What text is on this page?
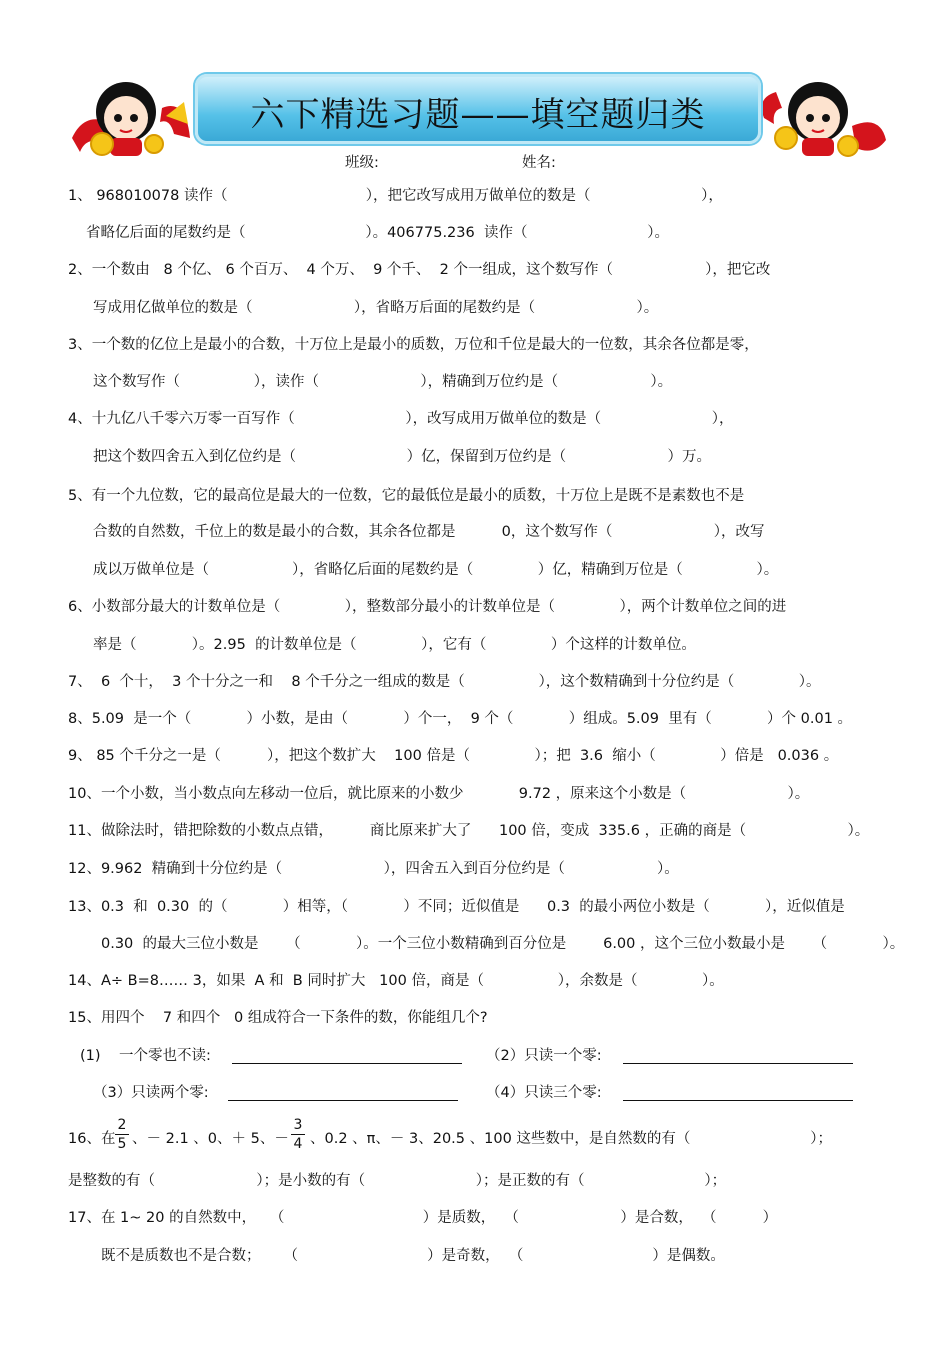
六下精选习题——填空题归类
班级:	姓名:
1、 968010078 读作（                              ），把它改写成用万做单位的数是（                        ），
省略亿后面的尾数约是（                          ）。406775.236  读作（                          ）。
2、一个数由   8 个亿、 6 个百万、  4 个万、  9 个千、  2 个一组成，这个数写作（                    ），把它改
写成用亿做单位的数是（                      ），省略万后面的尾数约是（                      ）。
3、一个数的亿位上是最小的合数，十万位上是最小的质数，万位和千位是最大的一位数，其余各位都是零，
这个数写作（                ），读作（                      ），精确到万位约是（                    ）。
4、十九亿八千零六万零一百写作（                        ），改写成用万做单位的数是（                        ），
把这个数四舍五入到亿位约是（                        ）亿，保留到万位约是（                      ）万。
5、有一个九位数，它的最高位是最大的一位数，它的最低位是最小的质数，十万位上是既不是素数也不是
合数的自然数，千位上的数是最小的合数，其余各位都是          0，这个数写作（                      ），改写
成以万做单位是（                  ），省略亿后面的尾数约是（              ）亿，精确到万位是（                ）。
6、小数部分最大的计数单位是（              ），整数部分最小的计数单位是（              ），两个计数单位之间的进
率是（            ）。2.95  的计数单位是（              ），它有（              ）个这样的计数单位。
7、  6  个十，  3 个十分之一和    8 个千分之一组成的数是（                ），这个数精确到十分位约是（              ）。
8、5.09  是一个（            ）小数，是由（            ）个一，  9 个（            ）组成。5.09  里有（            ）个 0.01 。
9、 85 个千分之一是（          ），把这个数扩大    100 倍是（              ）；把  3.6  缩小（              ）倍是   0.036 。
10、一个小数，当小数点向左移动一位后，就比原来的小数少            9.72 ，原来这个小数是（                      ）。
11、做除法时，错把除数的小数点点错，        商比原来扩大了      100 倍，变成  335.6 ，正确的商是（                      ）。
12、9.962  精确到十分位约是（                      ），四舍五入到百分位约是（                    ）。
13、0.3  和  0.30  的（            ）相等，（            ）不同；近似值是      0.3  的最小两位小数是（            ），近似值是
0.30  的最大三位小数是      （            ）。一个三位小数精确到百分位是        6.00 ，这个三位小数最小是      （            ）。
14、A÷ B=8‥‥‥ 3，如果  A 和  B 同时扩大   100 倍，商是（                ），余数是（              ）。
15、用四个    7 和四个   0 组成符合一下条件的数，你能组几个?
是整数的有（                      ）；是小数的有（                        ）；是正数的有（                          ）；
17、在 1~ 20 的自然数中，   （                              ）是质数，  （                      ）是合数，  （          ）
既不是质数也不是合数；     （                            ）是奇数，  （                            ）是偶数。
(1)    一个零也不读:	（2）只读一个零:
（3）只读两个零:	（4）只读三个零:
16、在
2
5 、－ 2.1 、0、＋ 5、－
3
4 、0.2 、π、－ 3、20.5 、100 这些数中，是自然数的有（                          ）；
